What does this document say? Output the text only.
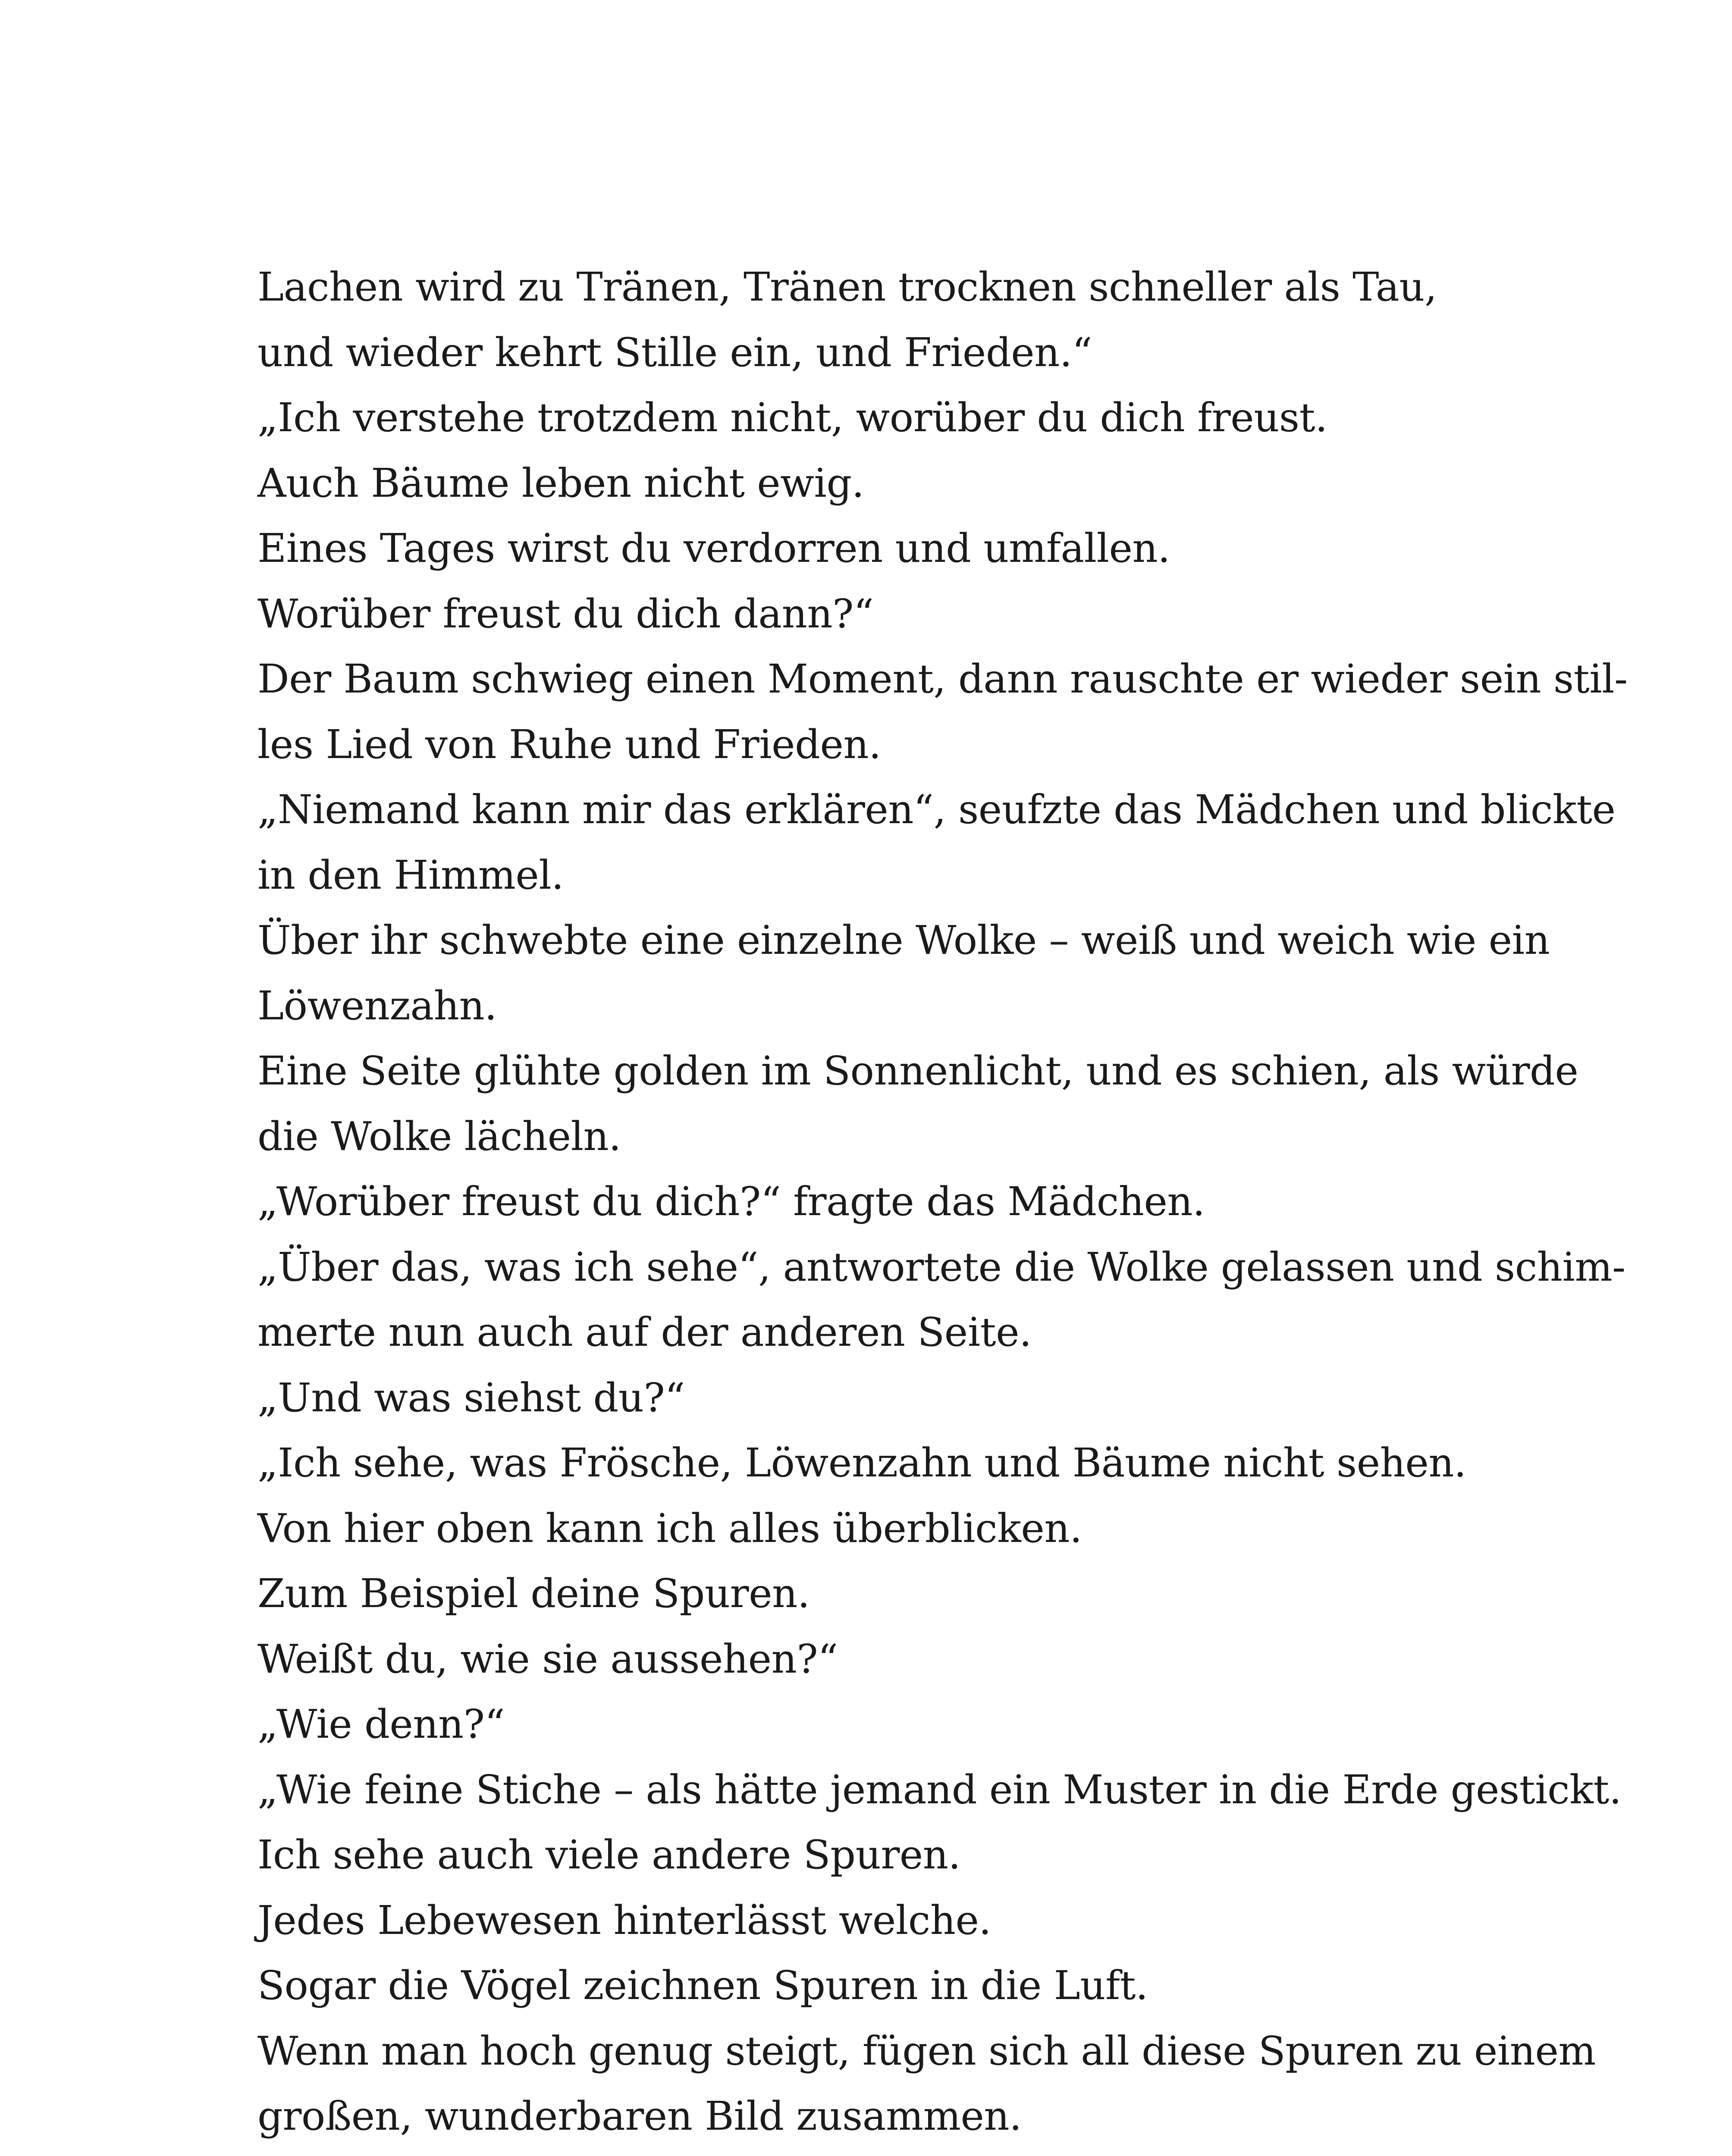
Lachen wird zu Tränen, Tränen trocknen schneller als Tau,
und wieder kehrt Stille ein, und Frieden.“
„Ich verstehe trotzdem nicht, worüber du dich freust.
Auch Bäume leben nicht ewig.
Eines Tages wirst du verdorren und umfallen.
Worüber freust du dich dann?“
Der Baum schwieg einen Moment, dann rauschte er wieder sein stil-
les Lied von Ruhe und Frieden.
„Niemand kann mir das erklären“, seufzte das Mädchen und blickte
in den Himmel.
Über ihr schwebte eine einzelne Wolke – weiß und weich wie ein
Löwenzahn.
Eine Seite glühte golden im Sonnenlicht, und es schien, als würde
die Wolke lächeln.
„Worüber freust du dich?“ fragte das Mädchen.
„Über das, was ich sehe“, antwortete die Wolke gelassen und schim-
merte nun auch auf der anderen Seite.
„Und was siehst du?“
„Ich sehe, was Frösche, Löwenzahn und Bäume nicht sehen.
Von hier oben kann ich alles überblicken.
Zum Beispiel deine Spuren.
Weißt du, wie sie aussehen?“
„Wie denn?“
„Wie feine Stiche – als hätte jemand ein Muster in die Erde gestickt.
Ich sehe auch viele andere Spuren.
Jedes Lebewesen hinterlässt welche.
Sogar die Vögel zeichnen Spuren in die Luft.
Wenn man hoch genug steigt, fügen sich all diese Spuren zu einem
großen, wunderbaren Bild zusammen.
